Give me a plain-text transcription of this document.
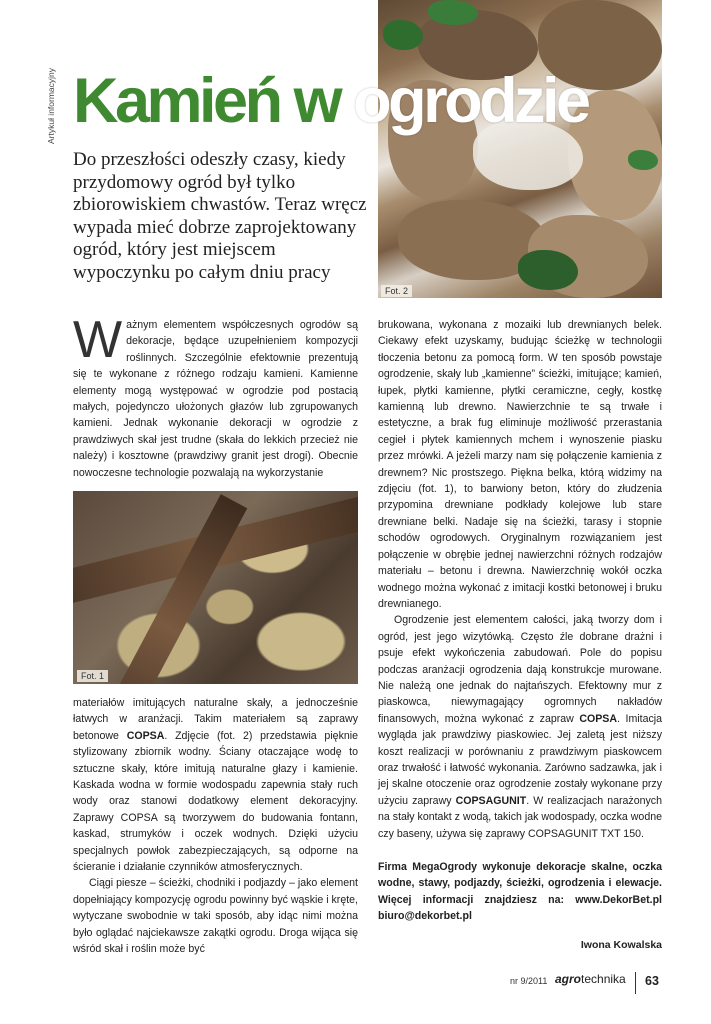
Artykuł informacyjny
Fot. 2
Kamień w ogrodzie
Do przeszłości odeszły czasy, kiedy przydomowy ogród był tylko zbiorowiskiem chwastów. Teraz wręcz wypada mieć dobrze zaprojektowany ogród, który jest miejscem wypoczynku po całym dniu pracy

Ważnym elementem współczesnych ogrodów są dekoracje, będące uzupełnieniem kompozycji roślinnych. Szczególnie efektownie prezentują się te wykonane z różnego rodzaju kamieni. Kamienne elementy mogą występować w ogrodzie pod postacią małych, pojedynczo ułożonych głazów lub zgrupowanych kamieni. Jednak wykonanie dekoracji w ogrodzie z prawdziwych skał jest trudne (skała do lekkich przecież nie należy) i kosztowne (prawdziwy granit jest drogi). Obecnie nowoczesne technologie pozwalają na wykorzystanie

Fot. 1

materiałów imitujących naturalne skały, a jednocześnie łatwych w aranżacji. Takim materiałem są zaprawy betonowe COPSA. Zdjęcie (fot. 2) przedstawia pięknie stylizowany zbiornik wodny. Ściany otaczające wodę to sztuczne skały, które imitują naturalne głazy i kamienie. Kaskada wodna w formie wodospadu zapewnia stały ruch wody oraz stanowi dodatkowy element dekoracyjny. Zaprawy COPSA są tworzywem do budowania fontann, kaskad, strumyków i oczek wodnych. Dzięki użyciu specjalnych powłok zabezpieczających, są odporne na ścieranie i działanie czynników atmosferycznych.

Ciągi piesze – ścieżki, chodniki i podjazdy – jako element dopełniający kompozycję ogrodu powinny być wąskie i kręte, wytyczane swobodnie w taki sposób, aby idąc nimi można było oglądać najciekawsze zakątki ogrodu. Droga wijąca się wśród skał i roślin może być

brukowana, wykonana z mozaiki lub drewnianych belek. Ciekawy efekt uzyskamy, budując ścieżkę w technologii tłoczenia betonu za pomocą form. W ten sposób powstaje ogrodzenie, skały lub „kamienne” ścieżki, imitujące; kamień, łupek, płytki kamienne, płytki ceramiczne, cegły, kostkę kamienną lub drewno. Nawierzchnie te są trwałe i estetyczne, a brak fug eliminuje możliwość przerastania cegieł i płytek kamiennych mchem i wynoszenie piasku przez mrówki. A jeżeli marzy nam się połączenie kamienia z drewnem? Nic prostszego. Piękna belka, którą widzimy na zdjęciu (fot. 1), to barwiony beton, który do złudzenia przypomina drewniane podkłady kolejowe lub stare drewniane belki. Nadaje się na ścieżki, tarasy i stopnie schodów ogrodowych. Oryginalnym rozwiązaniem jest połączenie w obrębie jednej nawierzchni różnych rodzajów materiału – betonu i drewna. Nawierzchnię wokół oczka wodnego można wykonać z imitacji kostki betonowej i bruku drewnianego.

Ogrodzenie jest elementem całości, jaką tworzy dom i ogród, jest jego wizytówką. Często źle dobrane drażni i psuje efekt wykończenia zabudowań. Pole do popisu podczas aranżacji ogrodzenia dają konstrukcje murowane. Nie należą one jednak do najtańszych. Efektowny mur z piaskowca, niewymagający ogromnych nakładów finansowych, można wykonać z zapraw COPSA. Imitacja wygląda jak prawdziwy piaskowiec. Jej zaletą jest niższy koszt realizacji w porównaniu z prawdziwym piaskowcem oraz trwałość i łatwość wykonania. Zarówno sadzawka, jak i jej skalne otoczenie oraz ogrodzenie zostały wykonane przy użyciu zaprawy COPSAGUNIT. W realizacjach narażonych na stały kontakt z wodą, takich jak wodospady, oczka wodne czy baseny, używa się zaprawy COPSAGUNIT TXT 150.

Firma MegaOgrody wykonuje dekoracje skalne, oczka wodne, stawy, podjazdy, ścieżki, ogrodzenia i elewacje. Więcej informacji znajdziesz na: www.DekorBet.pl biuro@dekorbet.pl
Iwona Kowalska
nr 9/2011 agrotechnika 63
